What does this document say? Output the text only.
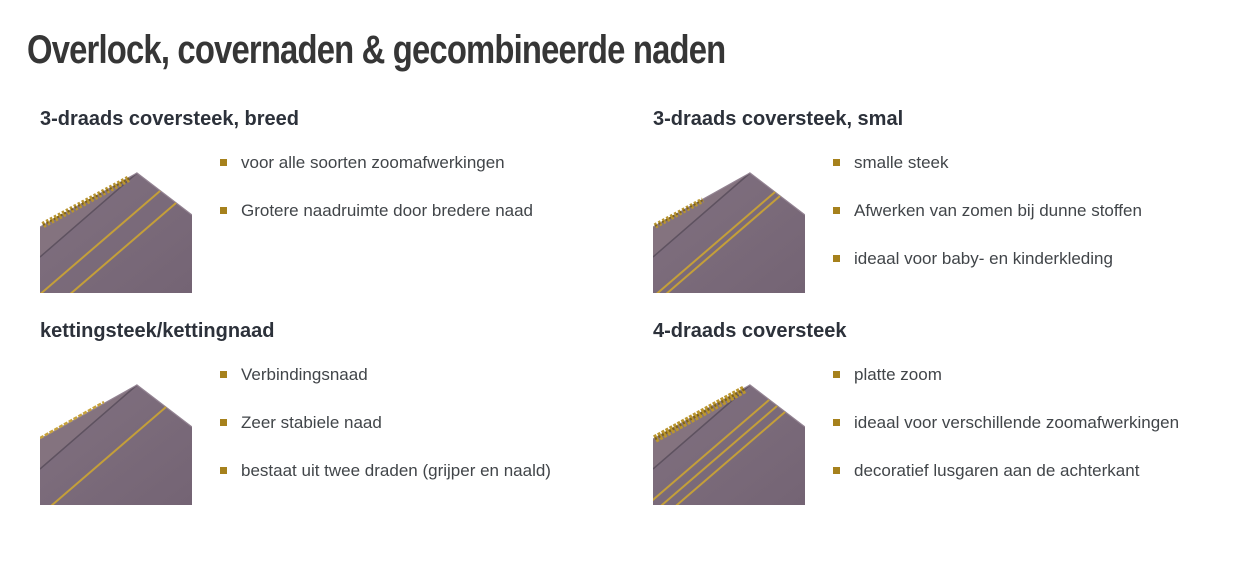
Overlock, covernaden & gecombineerde naden
3-draads coversteek, breed
voor alle soorten zoomafwerkingen
Grotere naadruimte door bredere naad
3-draads coversteek, smal
smalle steek
Afwerken van zomen bij dunne stoffen
ideaal voor baby- en kinderkleding
kettingsteek/kettingnaad
Verbindingsnaad
Zeer stabiele naad
bestaat uit twee draden (grijper en naald)
4-draads coversteek
platte zoom
ideaal voor verschillende zoomafwerkingen
decoratief lusgaren aan de achterkant
